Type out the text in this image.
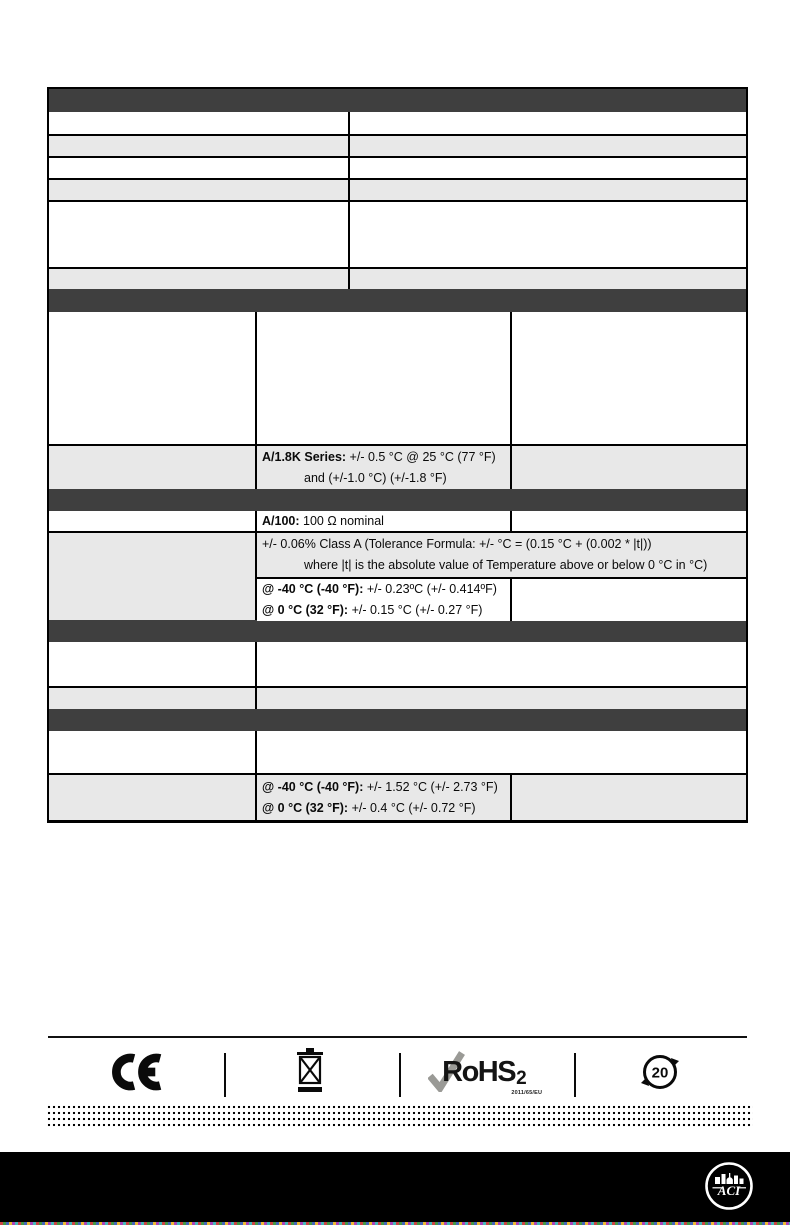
A/1.8K Series: +/- 0.5 °C @ 25 °C (77 °F)
and (+/-1.0 °C) (+/-1.8 °F)
A/100: 100 Ω nominal
+/- 0.06% Class A (Tolerance Formula: +/- °C = (0.15 °C + (0.002 * |t|))
where |t| is the absolute value of Temperature above or below 0 °C in °C)
@ -40 °C (-40 °F): +/- 0.23ºC (+/- 0.414ºF)
@ 0 °C (32 °F): +/- 0.15 °C (+/- 0.27 °F)
@ -40 °C (-40 °F): +/- 1.52 °C (+/- 2.73 °F)
@ 0 °C (32 °F): +/- 0.4 °C (+/- 0.72 °F)
RoHS2
2011/65/EU
20
ACI
